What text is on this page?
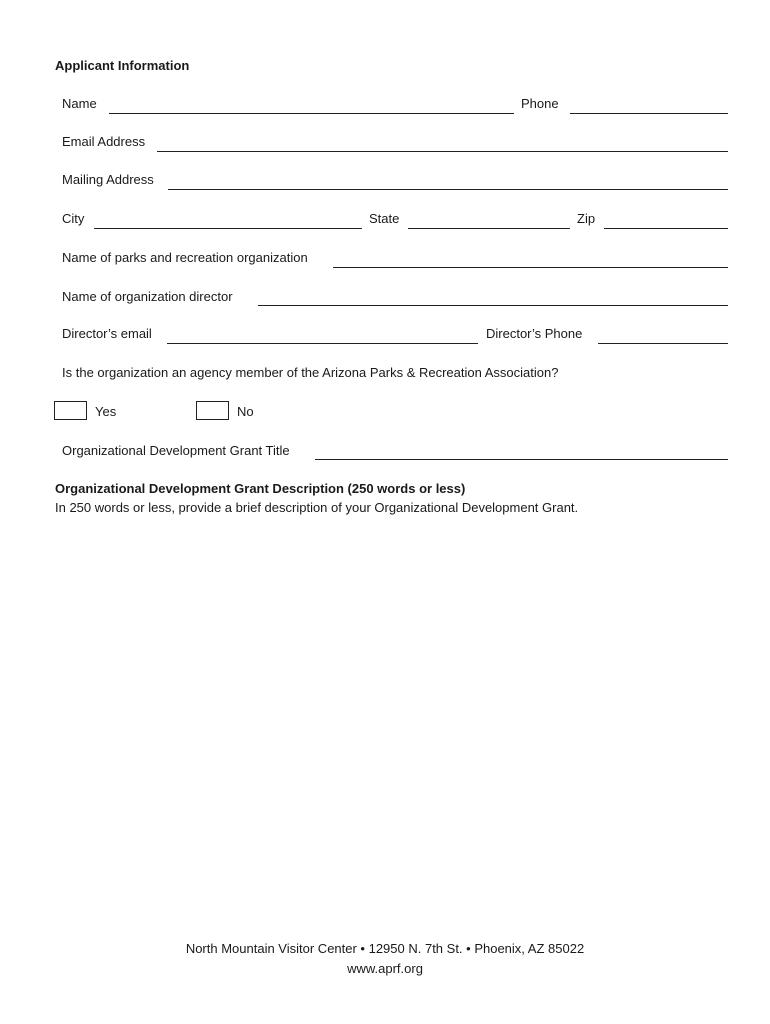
Applicant Information
Name	Phone
Email Address
Mailing Address
City	State	Zip
Name of parks and recreation organization
Name of organization director
Director’s email	Director’s Phone
Is the organization an agency member of the Arizona Parks & Recreation Association?
Yes	No
Organizational Development Grant Title
Organizational Development Grant Description (250 words or less)
In 250 words or less, provide a brief description of your Organizational Development Grant.
North Mountain Visitor Center • 12950 N. 7th St. • Phoenix, AZ 85022
www.aprf.org
